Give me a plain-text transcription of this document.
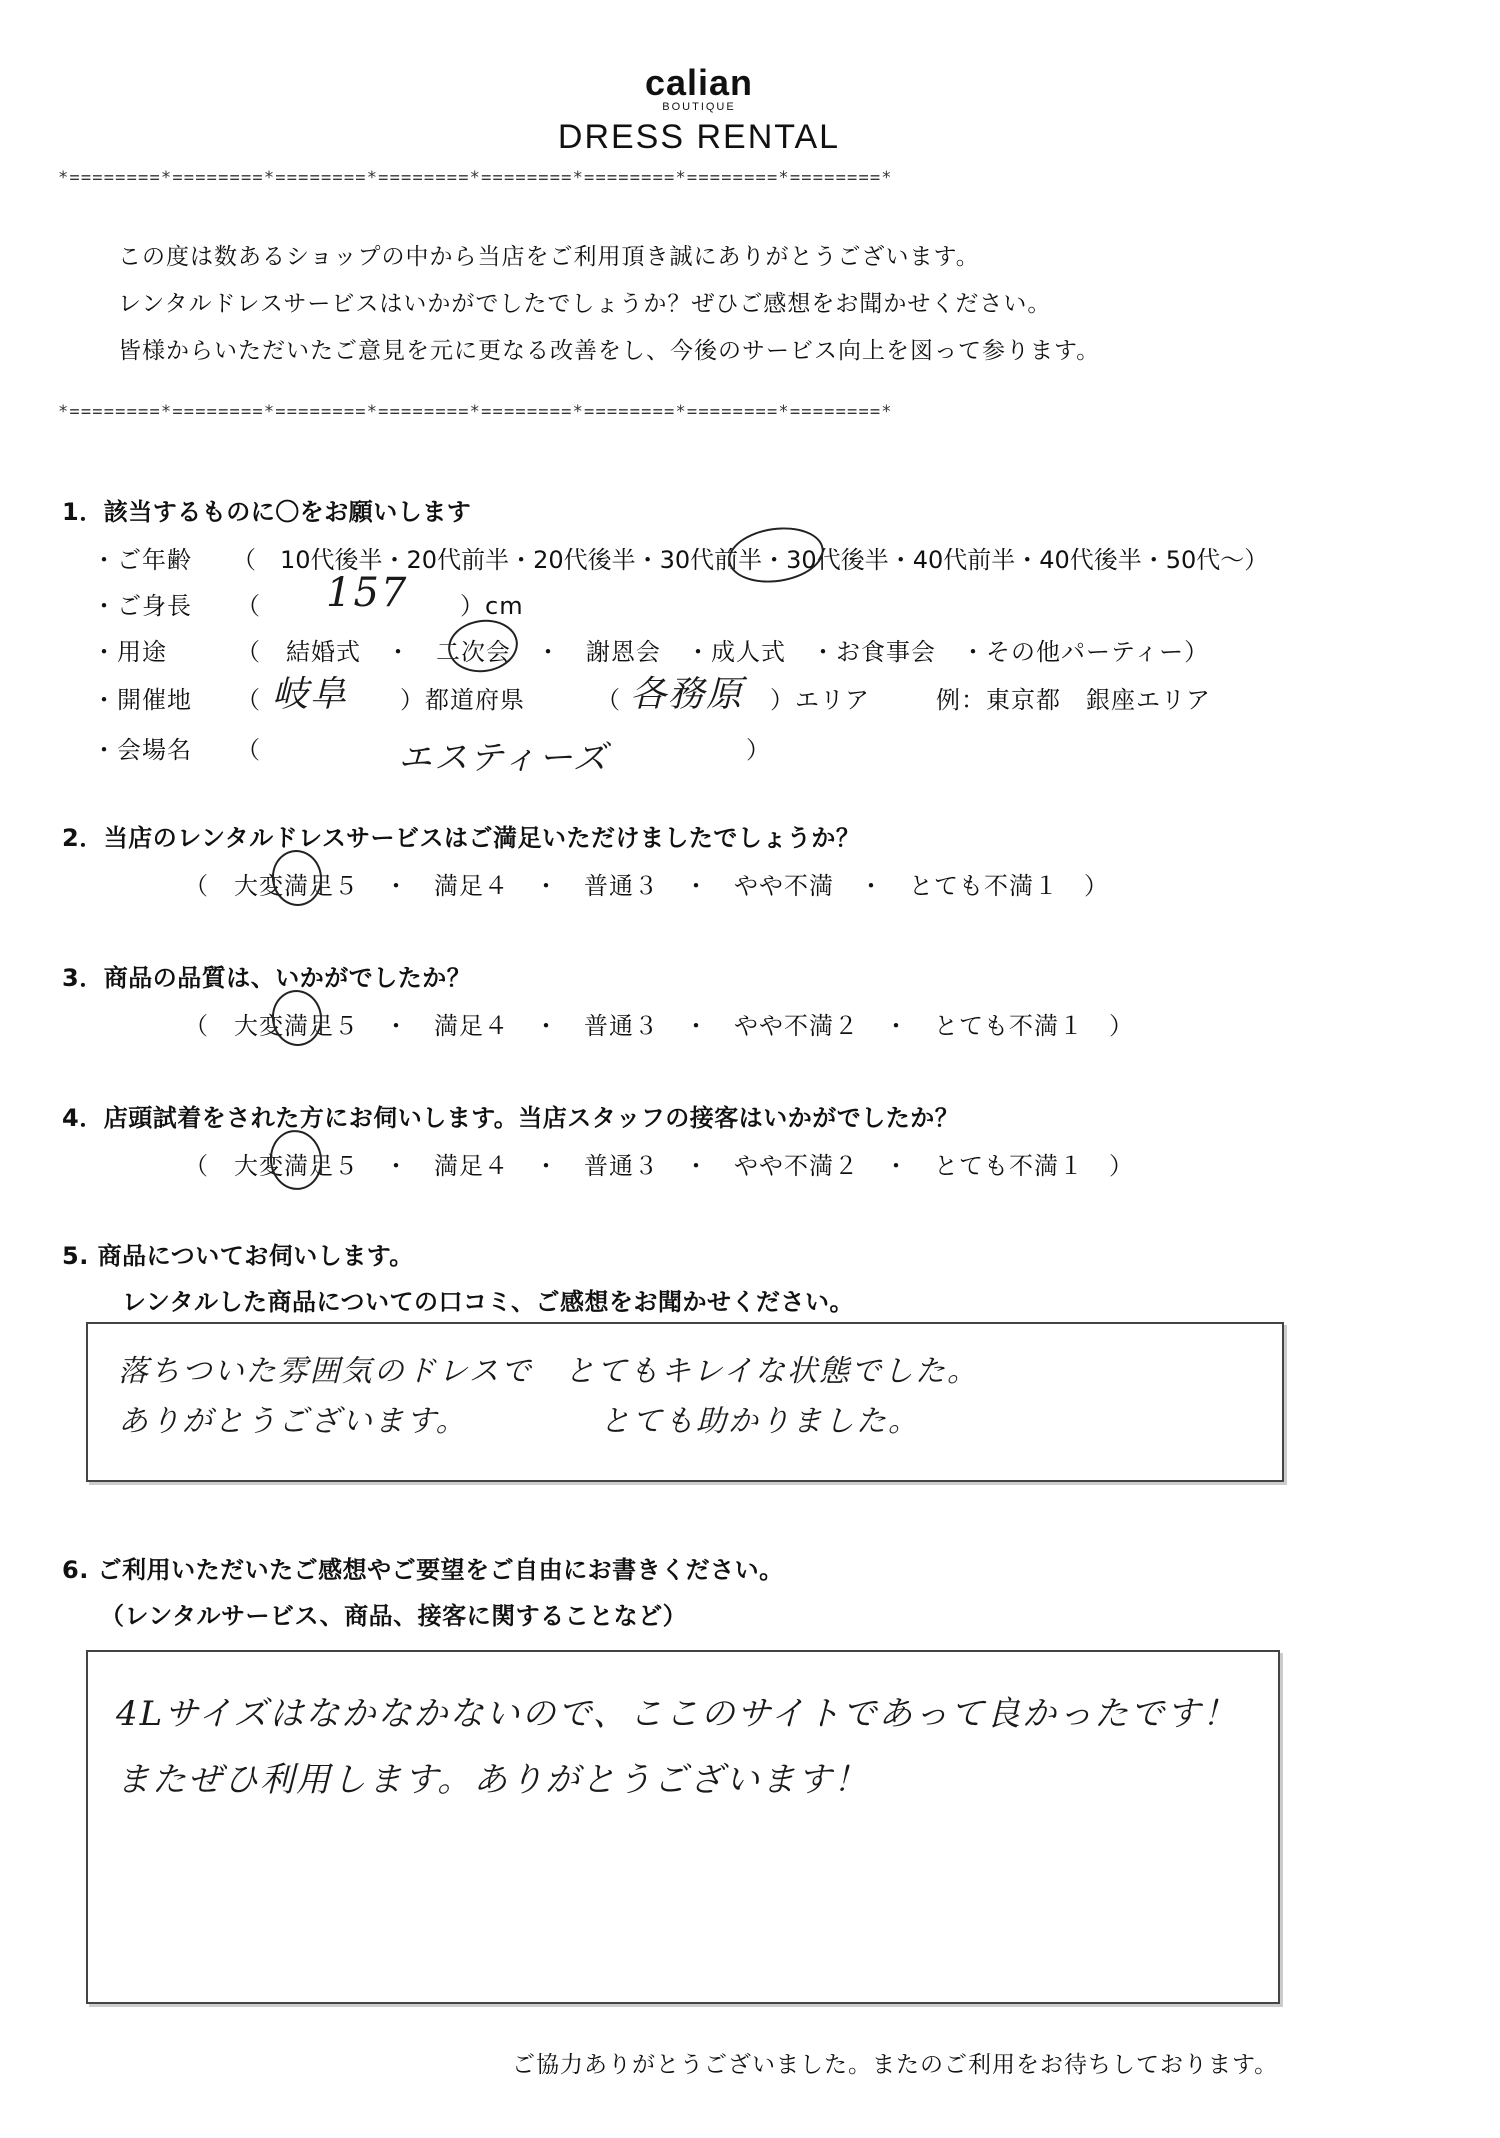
calian
BOUTIQUE
DRESS RENTAL
*========*========*========*========*========*========*========*========*
この度は数あるショップの中から当店をご利用頂き誠にありがとうございます。
レンタルドレスサービスはいかがでしたでしょうか？ぜひご感想をお聞かせください。
皆様からいただいたご意見を元に更なる改善をし、今後のサービス向上を図って参ります。
*========*========*========*========*========*========*========*========*
1．該当するものに〇をお願いします
・ご年齢 （　10代後半・20代前半・20代後半・30代前半・30代後半・40代前半・40代後半・50代～）
・ご身長 （ 157 ）cm
・用途	（　結婚式　・　二次会　・　謝恩会　・成人式　・お食事会　・その他パーティー）
・開催地 （ 岐阜 ）都道府県	（ 各務原 ）エリア	例：東京都　銀座エリア
・会場名 （	エスティーズ	）
2．当店のレンタルドレスサービスはご満足いただけましたでしょうか？
（　大変満足５　・　満足４　・　普通３　・　やや不満　・　とても不満１　）
3．商品の品質は、いかがでしたか？
（　大変満足５　・　満足４　・　普通３　・　やや不満２　・　とても不満１　）
4．店頭試着をされた方にお伺いします。当店スタッフの接客はいかがでしたか？
（　大変満足５　・　満足４　・　普通３　・　やや不満２　・　とても不満１　）
5. 商品についてお伺いします。
レンタルした商品についての口コミ、ご感想をお聞かせください。
落ちついた雰囲気のドレスで　とてもキレイな状態でした。
ありがとうございます。	とても助かりました。
6. ご利用いただいたご感想やご要望をご自由にお書きください。
（レンタルサービス、商品、接客に関することなど）
4Lサイズはなかなかないので、ここのサイトであって良かったです！
またぜひ利用します。ありがとうございます！
ご協力ありがとうございました。またのご利用をお待ちしております。
